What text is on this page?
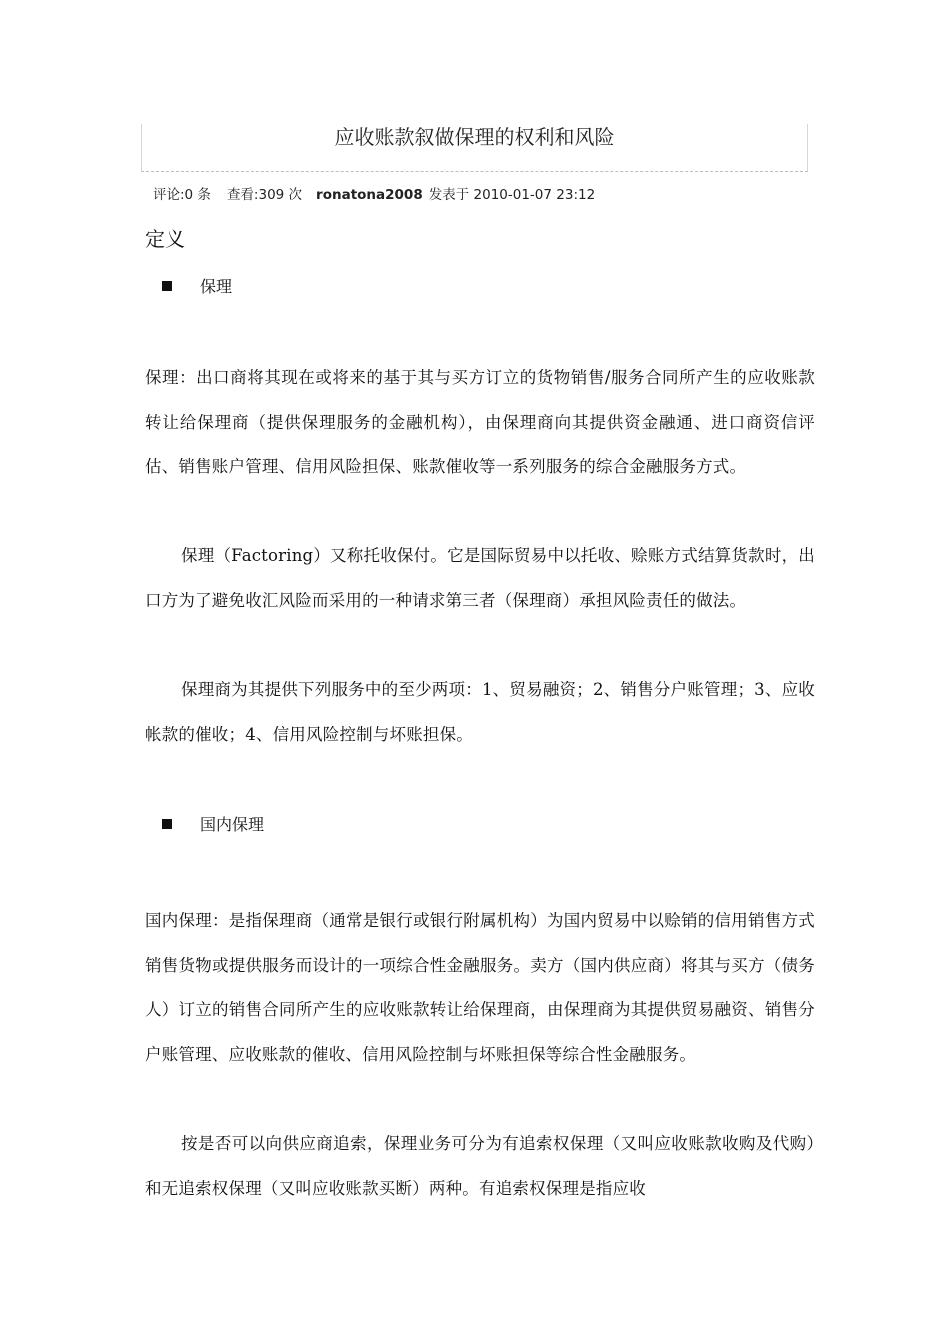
应收账款叙做保理的权利和风险
评论:0 条 查看:309 次 ronatona2008 发表于 2010-01-07 23:12
定义
保理
保理：出口商将其现在或将来的基于其与买方订立的货物销售/服务合同所产生的应收账款转让给保理商（提供保理服务的金融机构），由保理商向其提供资金融通、进口商资信评估、销售账户管理、信用风险担保、账款催收等一系列服务的综合金融服务方式。
保理（Factoring）又称托收保付。它是国际贸易中以托收、赊账方式结算货款时，出口方为了避免收汇风险而采用的一种请求第三者（保理商）承担风险责任的做法。
保理商为其提供下列服务中的至少两项：1、贸易融资；2、销售分户账管理；3、应收帐款的催收；4、信用风险控制与坏账担保。
国内保理
国内保理：是指保理商（通常是银行或银行附属机构）为国内贸易中以赊销的信用销售方式销售货物或提供服务而设计的一项综合性金融服务。卖方（国内供应商）将其与买方（债务人）订立的销售合同所产生的应收账款转让给保理商，由保理商为其提供贸易融资、销售分户账管理、应收账款的催收、信用风险控制与坏账担保等综合性金融服务。
按是否可以向供应商追索，保理业务可分为有追索权保理（又叫应收账款收购及代购）和无追索权保理（又叫应收账款买断）两种。有追索权保理是指应收
